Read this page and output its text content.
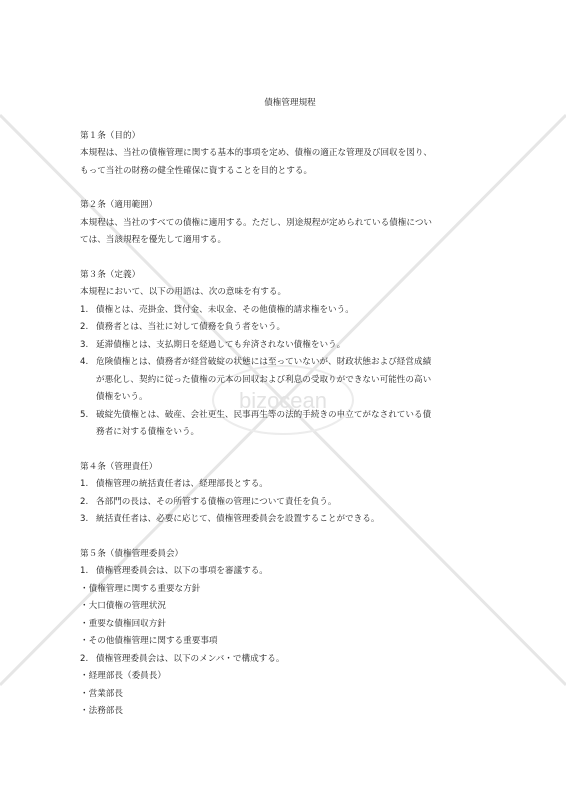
bizocean
債権管理規程

第１条（目的）

本規程は、当社の債権管理に関する基本的事項を定め、債権の適正な管理及び回収を図り、

もって当社の財務の健全性確保に資することを目的とする。

第２条（適用範囲）

本規程は、当社のすべての債権に適用する。ただし、別途規程が定められている債権につい

ては、当該規程を優先して適用する。

第３条（定義）

本規程において、以下の用語は、次の意味を有する。

1. 債権とは、売掛金、貸付金、未収金、その他債権的請求権をいう。
2. 債務者とは、当社に対して債務を負う者をいう。
3. 延滞債権とは、支払期日を経過しても弁済されない債権をいう。
4. 危険債権とは、債務者が経営破綻の状態には至っていないが、財政状態および経営成績
が悪化し、契約に従った債権の元本の回収および利息の受取りができない可能性の高い
債権をいう。
5. 破綻先債権とは、破産、会社更生、民事再生等の法的手続きの申立てがなされている債
務者に対する債権をいう。

第４条（管理責任）

1. 債権管理の統括責任者は、経理部長とする。
2. 各部門の長は、その所管する債権の管理について責任を負う。
3. 統括責任者は、必要に応じて、債権管理委員会を設置することができる。

第５条（債権管理委員会）

1. 債権管理委員会は、以下の事項を審議する。

・債権管理に関する重要な方針

・大口債権の管理状況

・重要な債権回収方針

・その他債権管理に関する重要事項

2. 債権管理委員会は、以下のメンバ・で構成する。

・経理部長（委員長）

・営業部長

・法務部長
